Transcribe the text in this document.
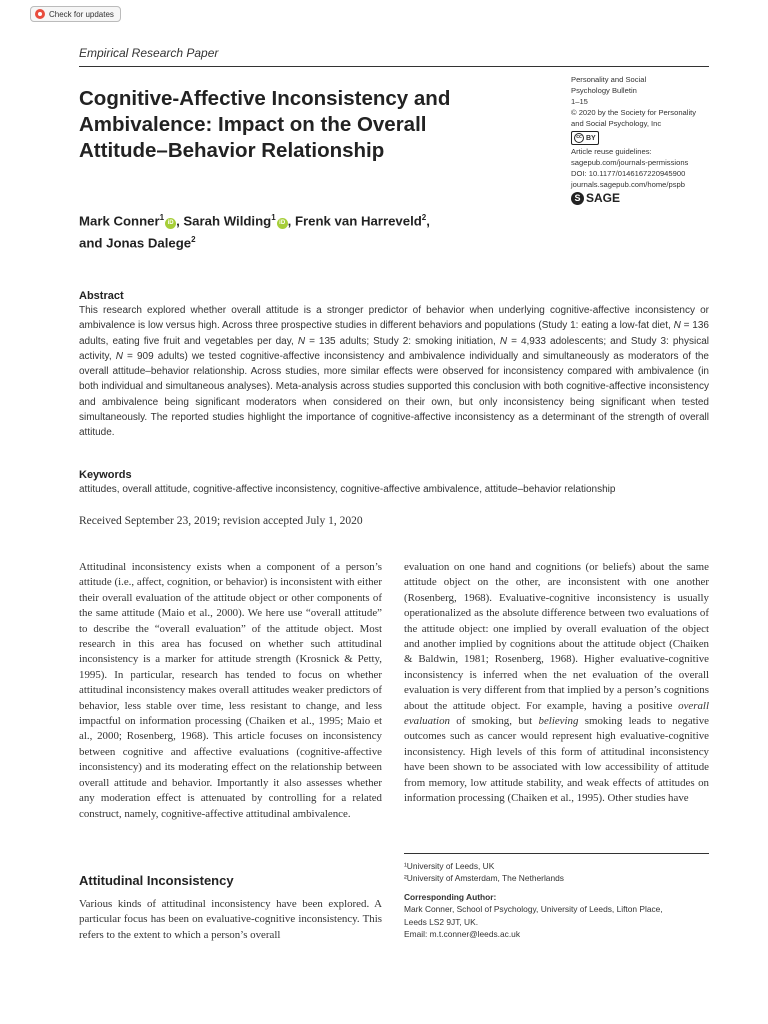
Check for updates
Empirical Research Paper
Cognitive-Affective Inconsistency and Ambivalence: Impact on the Overall Attitude–Behavior Relationship
Personality and Social
Psychology Bulletin
1–15
© 2020 by the Society for Personality
and Social Psychology, Inc
cc BY
Article reuse guidelines:
sagepub.com/journals-permissions
DOI: 10.1177/0146167220945900
journals.sagepub.com/home/pspb
S SAGE
Mark Conner$^1$iD , Sarah Wilding$^1$iD , Frenk van Harreveld$^2$,
and Jonas Dalege$^2$
Abstract
This research explored whether overall attitude is a stronger predictor of behavior when underlying cognitive-affective inconsistency or ambivalence is low versus high. Across three prospective studies in different behaviors and populations (Study 1: eating a low-fat diet, N = 136 adults, eating five fruit and vegetables per day, N = 135 adults; Study 2: smoking initiation, N = 4,933 adolescents; and Study 3: physical activity, N = 909 adults) we tested cognitive-affective inconsistency and ambivalence individually and simultaneously as moderators of the overall attitude–behavior relationship. Across studies, more similar effects were observed for inconsistency compared with ambivalence (in both individual and simultaneous analyses). Meta-analysis across studies supported this conclusion with both cognitive-affective inconsistency and ambivalence being significant moderators when considered on their own, but only inconsistency being significant when tested simultaneously. The reported studies highlight the importance of cognitive-affective inconsistency as a determinant of the strength of overall attitude.
Keywords
attitudes, overall attitude, cognitive-affective inconsistency, cognitive-affective ambivalence, attitude–behavior relationship
Received September 23, 2019; revision accepted July 1, 2020
Attitudinal inconsistency exists when a component of a person’s attitude (i.e., affect, cognition, or behavior) is inconsistent with either their overall evaluation of the attitude object or other components of the same attitude (Maio et al., 2000). We here use “overall attitude” to describe the “overall evaluation” of the attitude object. Most research in this area has focused on whether such attitudinal inconsistency is a marker for attitude strength (Krosnick & Petty, 1995). In particular, research has tended to focus on whether attitudinal inconsistency makes overall attitudes weaker predictors of behavior, less stable over time, less resistant to change, and less impactful on information processing (Chaiken et al., 1995; Maio et al., 2000; Rosenberg, 1968). This article focuses on inconsistency between cognitive and affective evaluations (cognitive-affective inconsistency) and its moderating effect on the relationship between overall attitude and behavior. Importantly it also assesses whether any moderation effect is attenuated by controlling for a related construct, namely, cognitive-affective attitudinal ambivalence.
Attitudinal Inconsistency
Various kinds of attitudinal inconsistency have been explored. A particular focus has been on evaluative-cognitive inconsistency. This refers to the extent to which a person’s overall
evaluation on one hand and cognitions (or beliefs) about the same attitude object on the other, are inconsistent with one another (Rosenberg, 1968). Evaluative-cognitive inconsistency is usually operationalized as the absolute difference between two evaluations of the attitude object: one implied by overall evaluation of the object and another implied by cognitions about the attitude object (Chaiken & Baldwin, 1981; Rosenberg, 1968). Higher evaluative-cognitive inconsistency is inferred when the net evaluation of the overall evaluation is very different from that implied by a person’s cognitions about the attitude object. For example, having a positive overall evaluation of smoking, but believing smoking leads to negative outcomes such as cancer would represent high evaluative-cognitive inconsistency. High levels of this form of attitudinal inconsistency have been shown to be associated with low accessibility of attitude from memory, low attitude stability, and weak effects of attitudes on information processing (Chaiken et al., 1995). Other studies have
¹University of Leeds, UK
²University of Amsterdam, The Netherlands
Corresponding Author:
Mark Conner, School of Psychology, University of Leeds, Lifton Place,
Leeds LS2 9JT, UK.
Email: m.t.conner@leeds.ac.uk
